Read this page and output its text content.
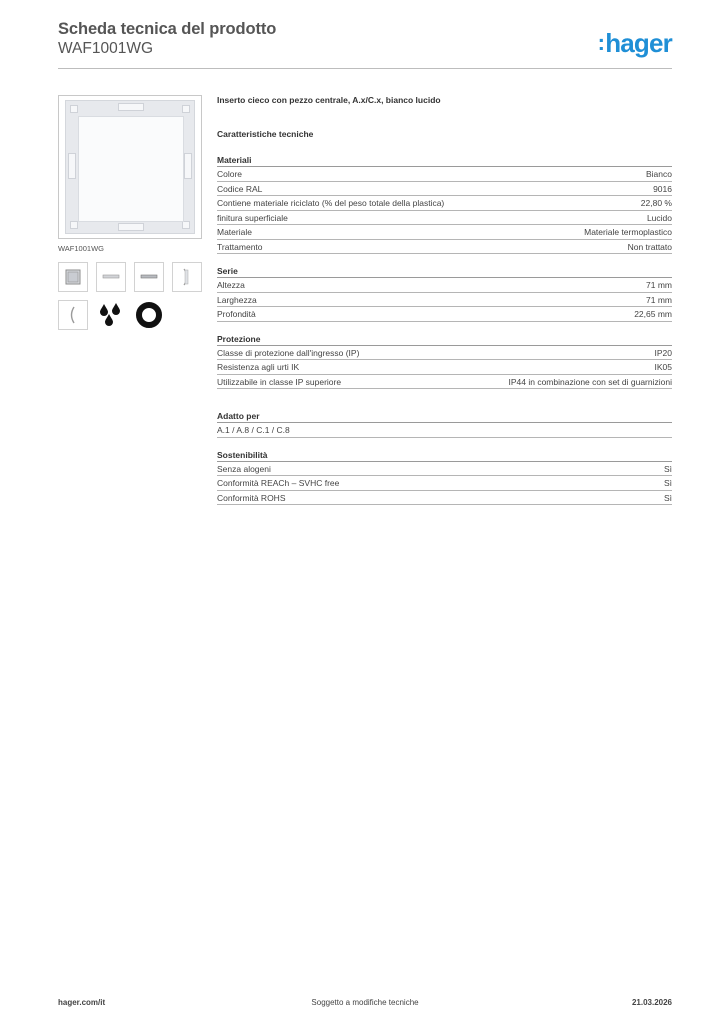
Scheda tecnica del prodotto
WAF1001WG	:hager
WAF1001WG
Inserto cieco con pezzo centrale, A.x/C.x, bianco lucido
Caratteristiche tecniche
Materiali
Colore	Bianco
Codice RAL	9016
Contiene materiale riciclato (% del peso totale della plastica)	22,80 %
finitura superficiale	Lucido
Materiale	Materiale termoplastico
Trattamento	Non trattato
Serie
Altezza	71 mm
Larghezza	71 mm
Profondità	22,65 mm
Protezione
Classe di protezione dall'ingresso (IP)	IP20
Resistenza agli urti IK	IK05
Utilizzabile in classe IP superiore	IP44 in combinazione con set di guarnizioni
Adatto per
A.1 / A.8 / C.1 / C.8
Sostenibilità
Senza alogeni	Sì
Conformità REACh – SVHC free	Sì
Conformità ROHS	Sì
Soggetto a modifiche tecniche
hager.com/it	21.03.2026
